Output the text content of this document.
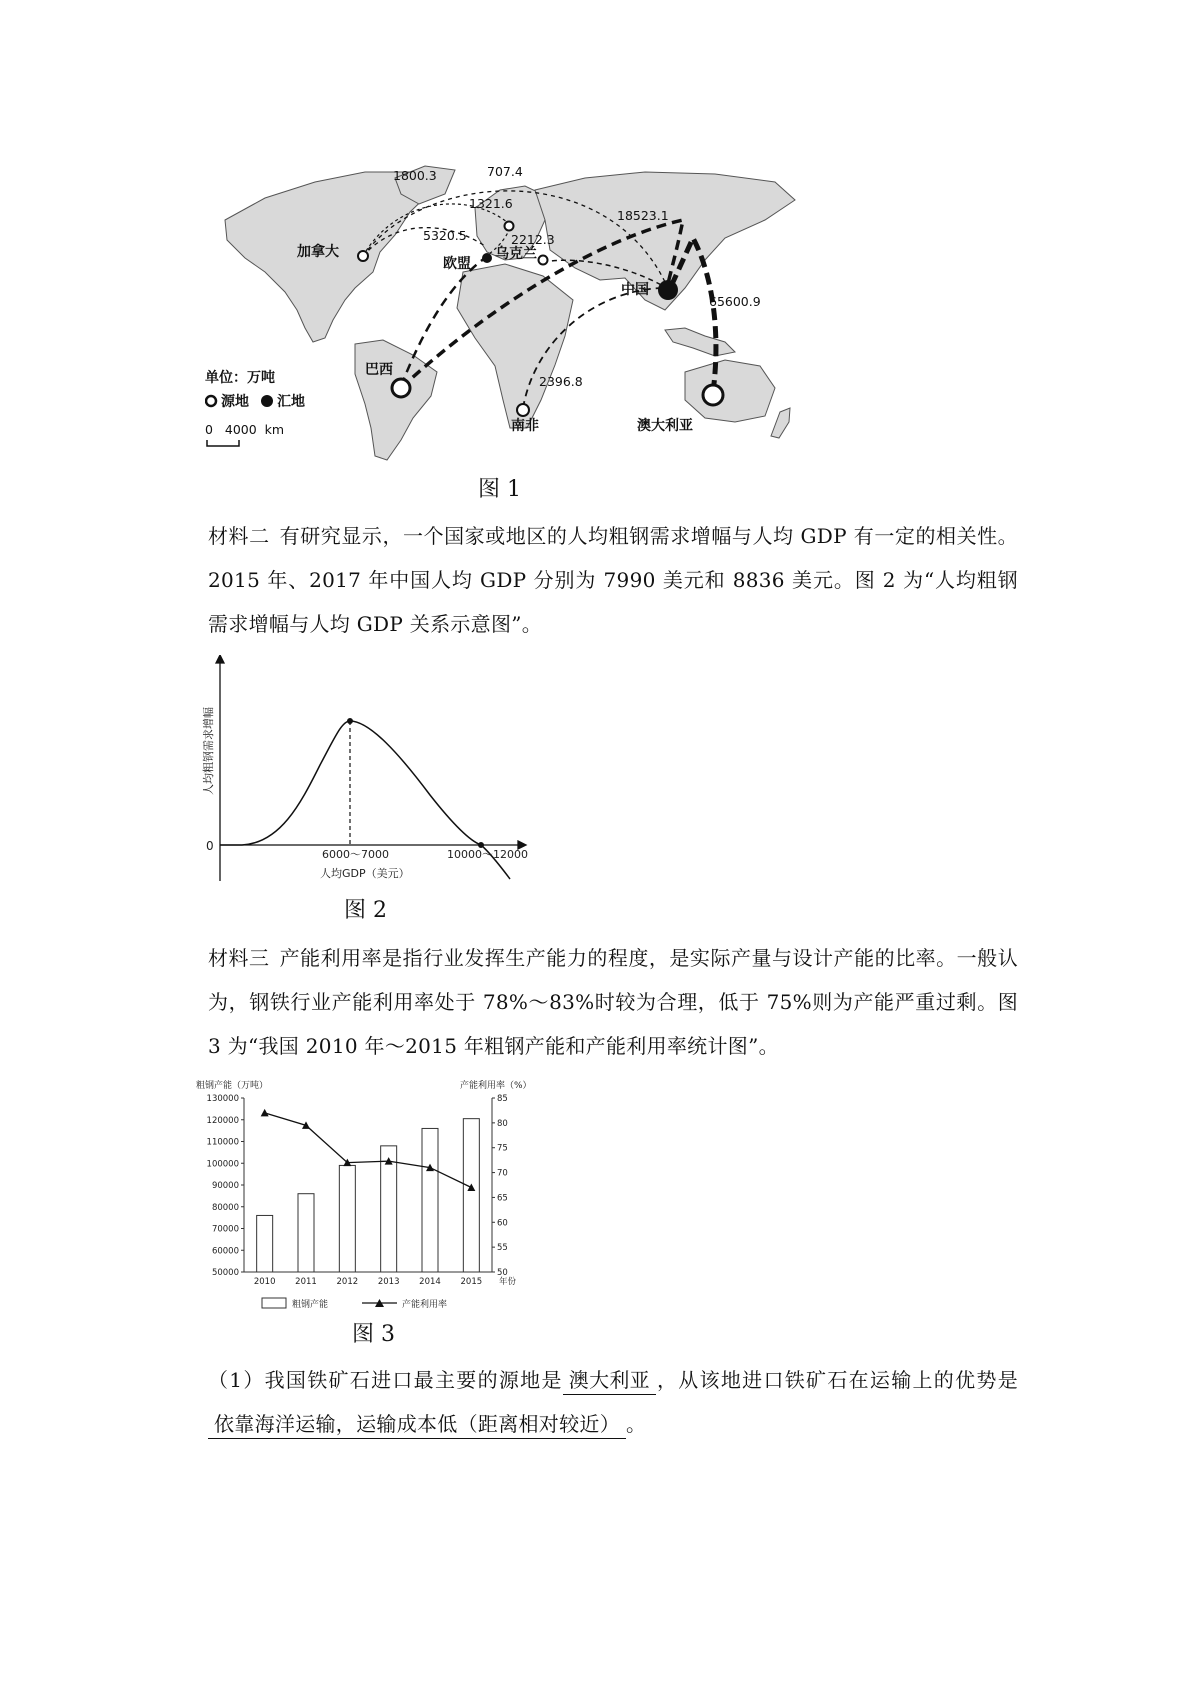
1800.3	707.4
1321.6
5320.5	2212.3
18523.1
65600.9
2396.8
加拿大
欧盟
乌克兰
中国
巴西
南非	澳大利亚
单位：万吨
源地 汇地
0   4000  km
图 1
材料二 有研究显示，一个国家或地区的人均粗钢需求增幅与人均 GDP 有一定的相关性。2015 年、2017 年中国人均 GDP 分别为 7990 美元和 8836 美元。图 2 为“人均粗钢需求增幅与人均 GDP 关系示意图”。
0
6000～7000	10000～12000
人均GDP（美元）
人均粗钢需求增幅
图 2
材料三 产能利用率是指行业发挥生产能力的程度，是实际产量与设计产能的比率。一般认为，钢铁行业产能利用率处于 78%～83%时较为合理，低于 75%则为产能严重过剩。图 3 为“我国 2010 年～2015 年粗钢产能和产能利用率统计图”。
粗钢产能（万吨）	产能利用率（%）
50000
60000
70000
80000
90000
100000
110000
120000
130000
50
55
60
65
70
75
80
85
2010 2011 2012 2013 2014 2015 年份
粗钢产能	产能利用率
图 3
（1）我国铁矿石进口最主要的源地是 澳大利亚 ，从该地进口铁矿石在运输上的优势是依靠海洋运输，运输成本低（距离相对较近） 。
